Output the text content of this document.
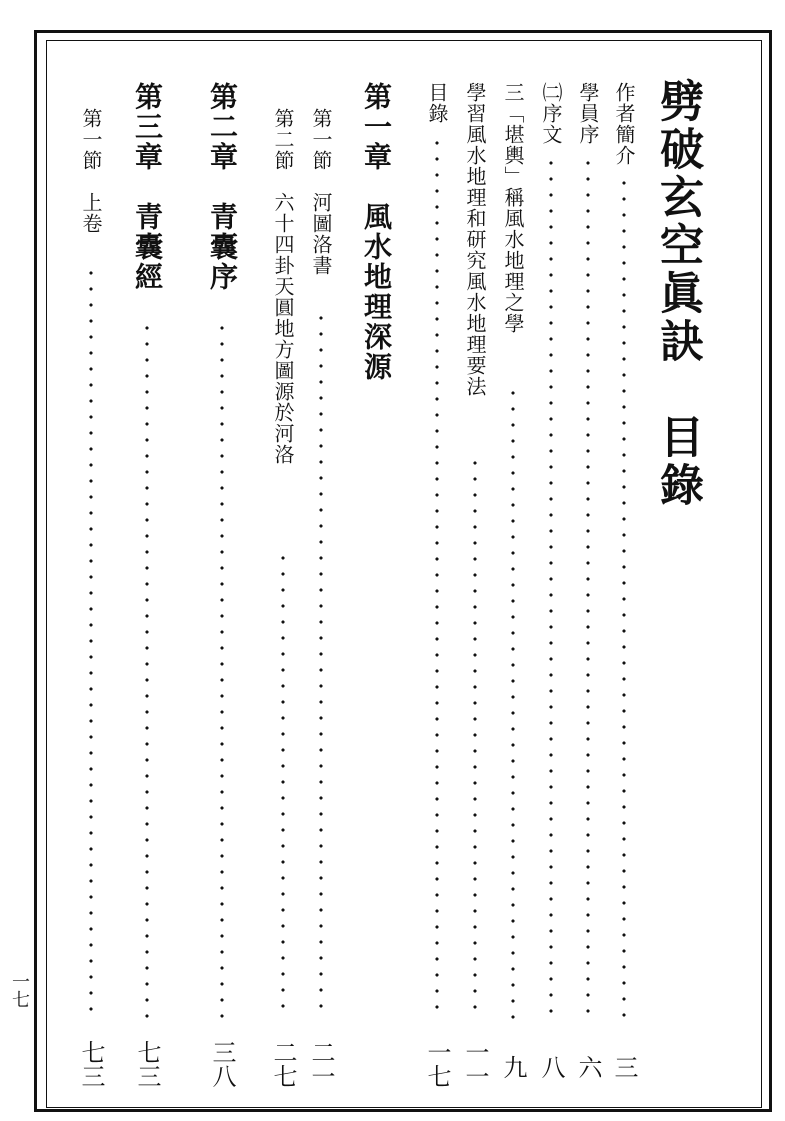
劈破玄空眞訣　目錄
作者簡介
三
學員序
六
㈡序文
八
三「堪輿」稱風水地理之學
九
學習風水地理和研究風水地理要法
一一
目錄
一七
第一章　風水地理深源
第一節　河圖洛書
二一
第二節　六十四卦天圓地方圖源於河洛
二七
第二章　青囊序
三八
第三章　青囊經
七三
第一節　上卷
七三
一七
